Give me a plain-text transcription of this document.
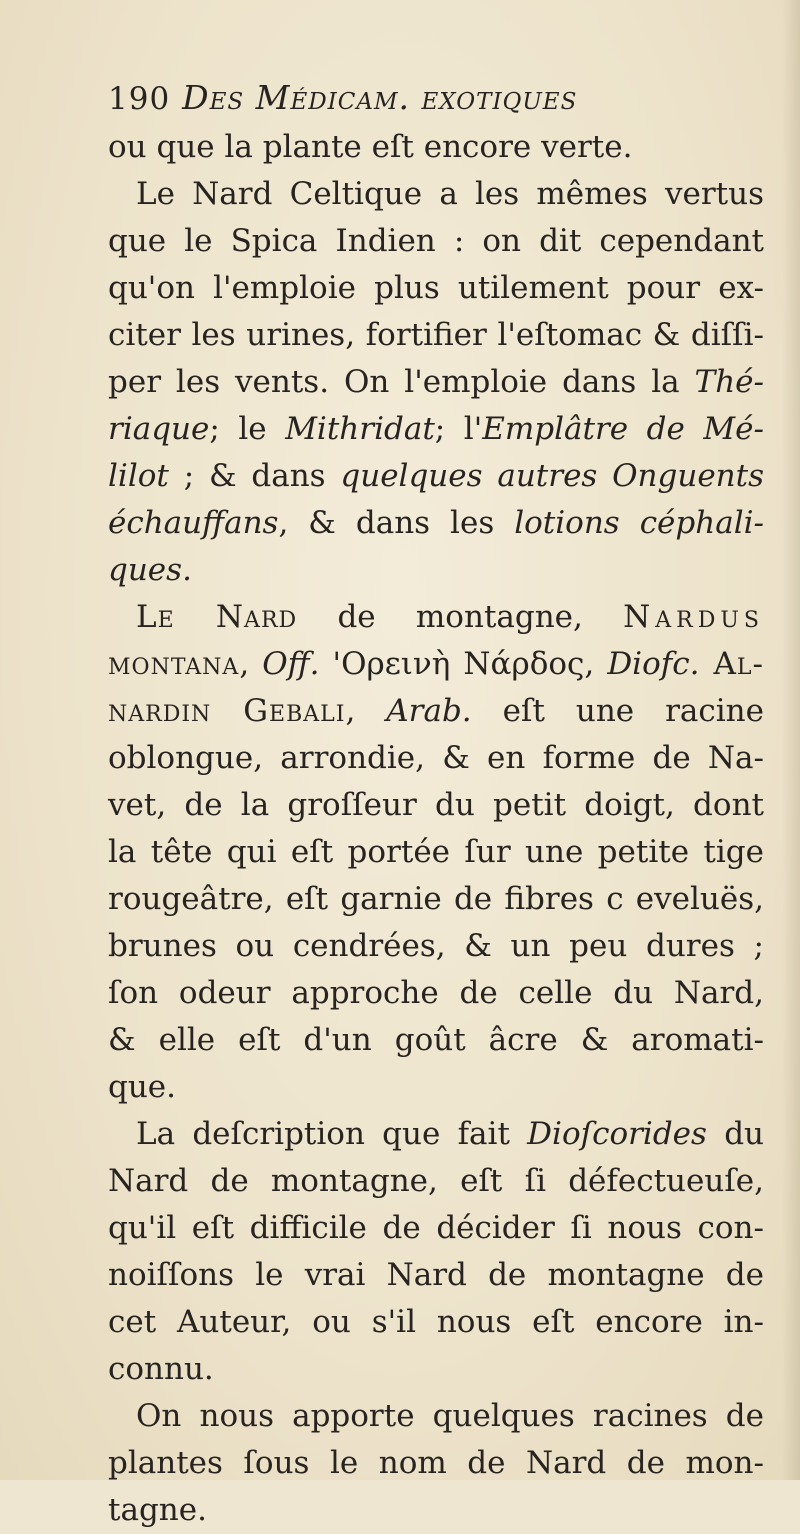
190 Des Médicam. exotiques
ou que la plante eſt encore verte.
Le Nard Celtique a les mêmes vertus
que le Spica Indien : on dit cependant
qu'on l'emploie plus utilement pour ex-
citer les urines, fortifier l'eſtomac & diſſi-
per les vents. On l'emploie dans la Thé-
riaque; le Mithridat; l'Emplâtre de Mé-
lilot ; & dans quelques autres Onguents
échauffans, & dans les lotions céphali-
ques.
Le Nard de montagne, Nardus
montana, Off. 'Ορεινὴ Νάρδος, Diofc. Al-
nardin Gebali, Arab. eſt une racine
oblongue, arrondie, & en forme de Na-
vet, de la groſſeur du petit doigt, dont
la tête qui eſt portée ſur une petite tige
rougeâtre, eſt garnie de fibres c eveluës,
brunes ou cendrées, & un peu dures ;
ſon odeur approche de celle du Nard,
& elle eſt d'un goût âcre & aromati-
que.
La deſcription que fait Dioſcorides du
Nard de montagne, eſt ſi défectueuſe,
qu'il eſt difficile de décider ſi nous con-
noiſſons le vrai Nard de montagne de
cet Auteur, ou s'il nous eſt encore in-
connu.
On nous apporte quelques racines de
plantes ſous le nom de Nard de mon-
tagne.
